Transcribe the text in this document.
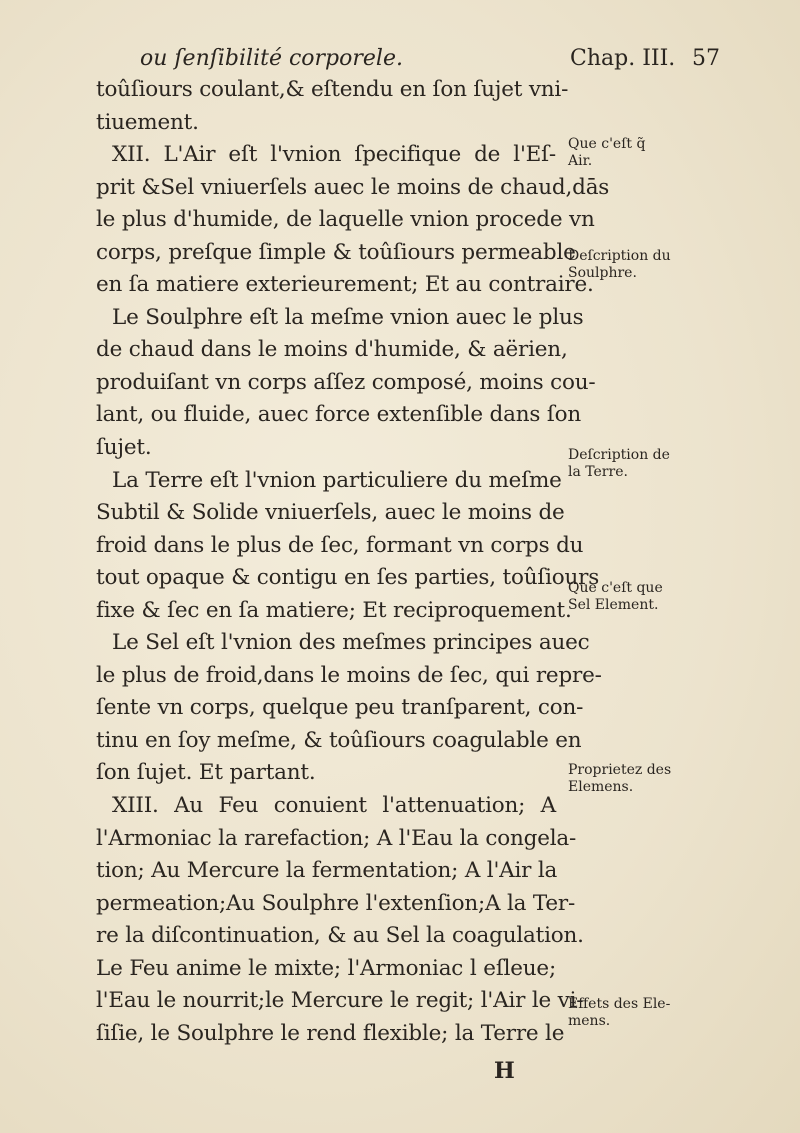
ou ſenſibilité corporele.	Chap. III. 57
toûſiours coulant,& eſtendu en ſon ſujet vni-
tiuement.
XII. L'Air eſt l'vnion ſpecifique de l'Eſ-
prit &Sel vniuerſels auec le moins de chaud,dās
le plus d'humide, de laquelle vnion procede vn
corps, preſque ſimple & toûſiours permeable
en ſa matiere exterieurement; Et au contraire.
Le Soulphre eſt la meſme vnion auec le plus
de chaud dans le moins d'humide, & aërien,
produiſant vn corps aſſez composé, moins cou-
lant, ou fluide, auec force extenſible dans ſon
ſujet.
La Terre eſt l'vnion particuliere du meſme
Subtil & Solide vniuerſels, auec le moins de
froid dans le plus de ſec, formant vn corps du
tout opaque & contigu en ſes parties, toûſiours
fixe & ſec en ſa matiere; Et reciproquement.
Le Sel eſt l'vnion des meſmes principes auec
le plus de froid,dans le moins de ſec, qui repre-
ſente vn corps, quelque peu tranſparent, con-
tinu en ſoy meſme, & toûſiours coagulable en
ſon ſujet. Et partant.
XIII. Au Feu conuient l'attenuation; A
l'Armoniac la rarefaction; A l'Eau la congela-
tion; Au Mercure la fermentation; A l'Air la
permeation;Au Soulphre l'extenſion;A la Ter-
re la diſcontinuation, & au Sel la coagulation.
Le Feu anime le mixte; l'Armoniac l eſleue;
l'Eau le nourrit;le Mercure le regit; l'Air le vi-
ſiſie, le Soulphre le rend flexible; la Terre le
Que c'eſt q̃
Air.
Deſcription du
Soulphre.
Deſcription de
la Terre.
Que c'eſt que
Sel Element.
Proprietez des
Elemens.
Effets des Ele-
mens.
H
